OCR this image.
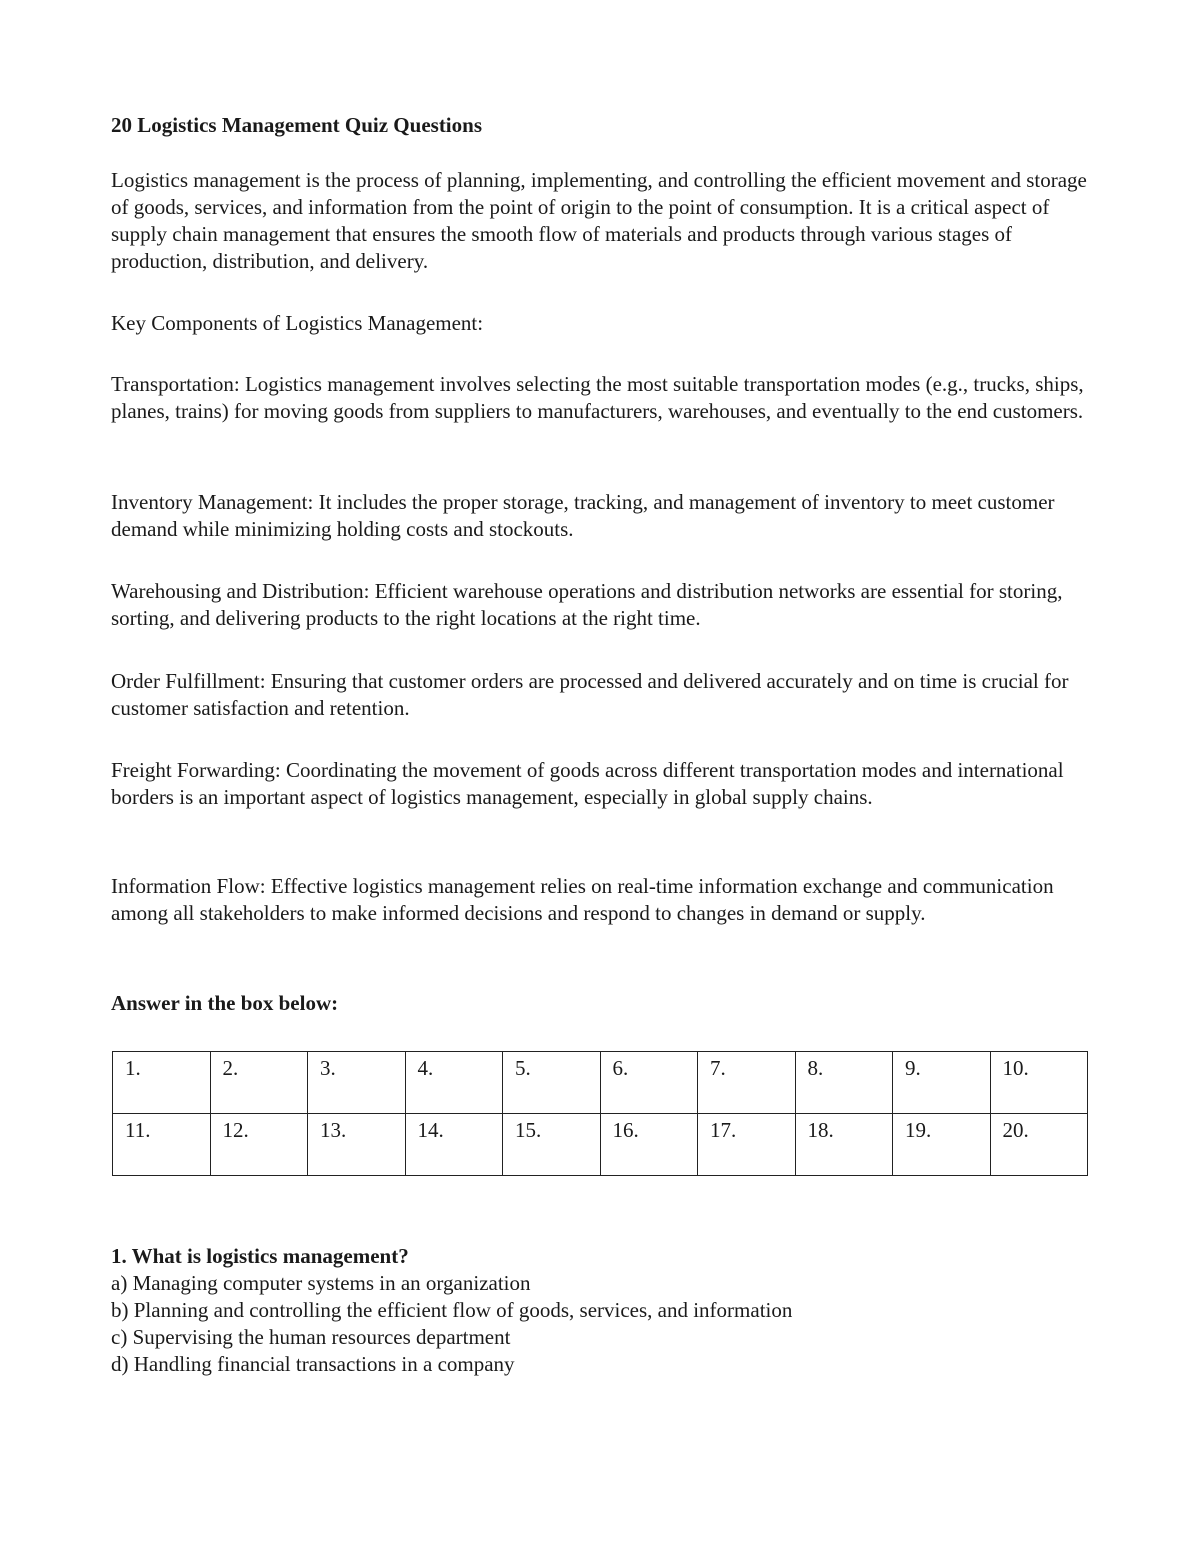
20 Logistics Management Quiz Questions

Logistics management is the process of planning, implementing, and controlling the efficient movement and storage of goods, services, and information from the point of origin to the point of consumption. It is a critical aspect of supply chain management that ensures the smooth flow of materials and products through various stages of production, distribution, and delivery.

Key Components of Logistics Management:

Transportation: Logistics management involves selecting the most suitable transportation modes (e.g., trucks, ships, planes, trains) for moving goods from suppliers to manufacturers, warehouses, and eventually to the end customers.

Inventory Management: It includes the proper storage, tracking, and management of inventory to meet customer demand while minimizing holding costs and stockouts.

Warehousing and Distribution: Efficient warehouse operations and distribution networks are essential for storing, sorting, and delivering products to the right locations at the right time.

Order Fulfillment: Ensuring that customer orders are processed and delivered accurately and on time is crucial for customer satisfaction and retention.

Freight Forwarding: Coordinating the movement of goods across different transportation modes and international borders is an important aspect of logistics management, especially in global supply chains.

Information Flow: Effective logistics management relies on real-time information exchange and communication among all stakeholders to make informed decisions and respond to changes in demand or supply.

Answer in the box below:

1.	2.	3.	4.	5.	6.	7.	8.	9.	10.
11.	12.	13.	14.	15.	16.	17.	18.	19.	20.
1. What is logistics management?
a) Managing computer systems in an organization
b) Planning and controlling the efficient flow of goods, services, and information
c) Supervising the human resources department
d) Handling financial transactions in a company
